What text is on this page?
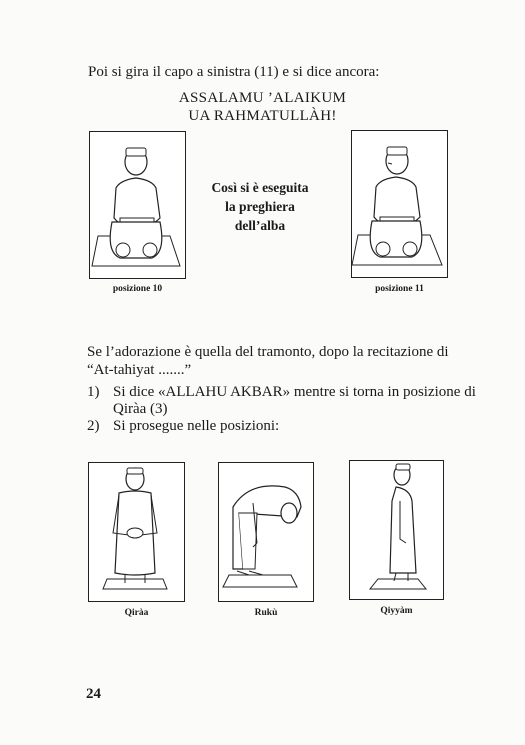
Poi si gira il capo a sinistra (11) e si dice ancora:
ASSALAMU ’ALAIKUM
UA RAHMATULLÀH!
posizione 10
Così si è eseguita
la preghiera
dell’alba
posizione 11
Se l’adorazione è quella del tramonto, dopo la recitazione di
“At-tahiyat .......”
1) Si dice «ALLAHU AKBAR» mentre si torna in posizione di
Qiràa (3)
2) Si prosegue nelle posizioni:
Qiràa	Rukù	Qiyyàm
24
